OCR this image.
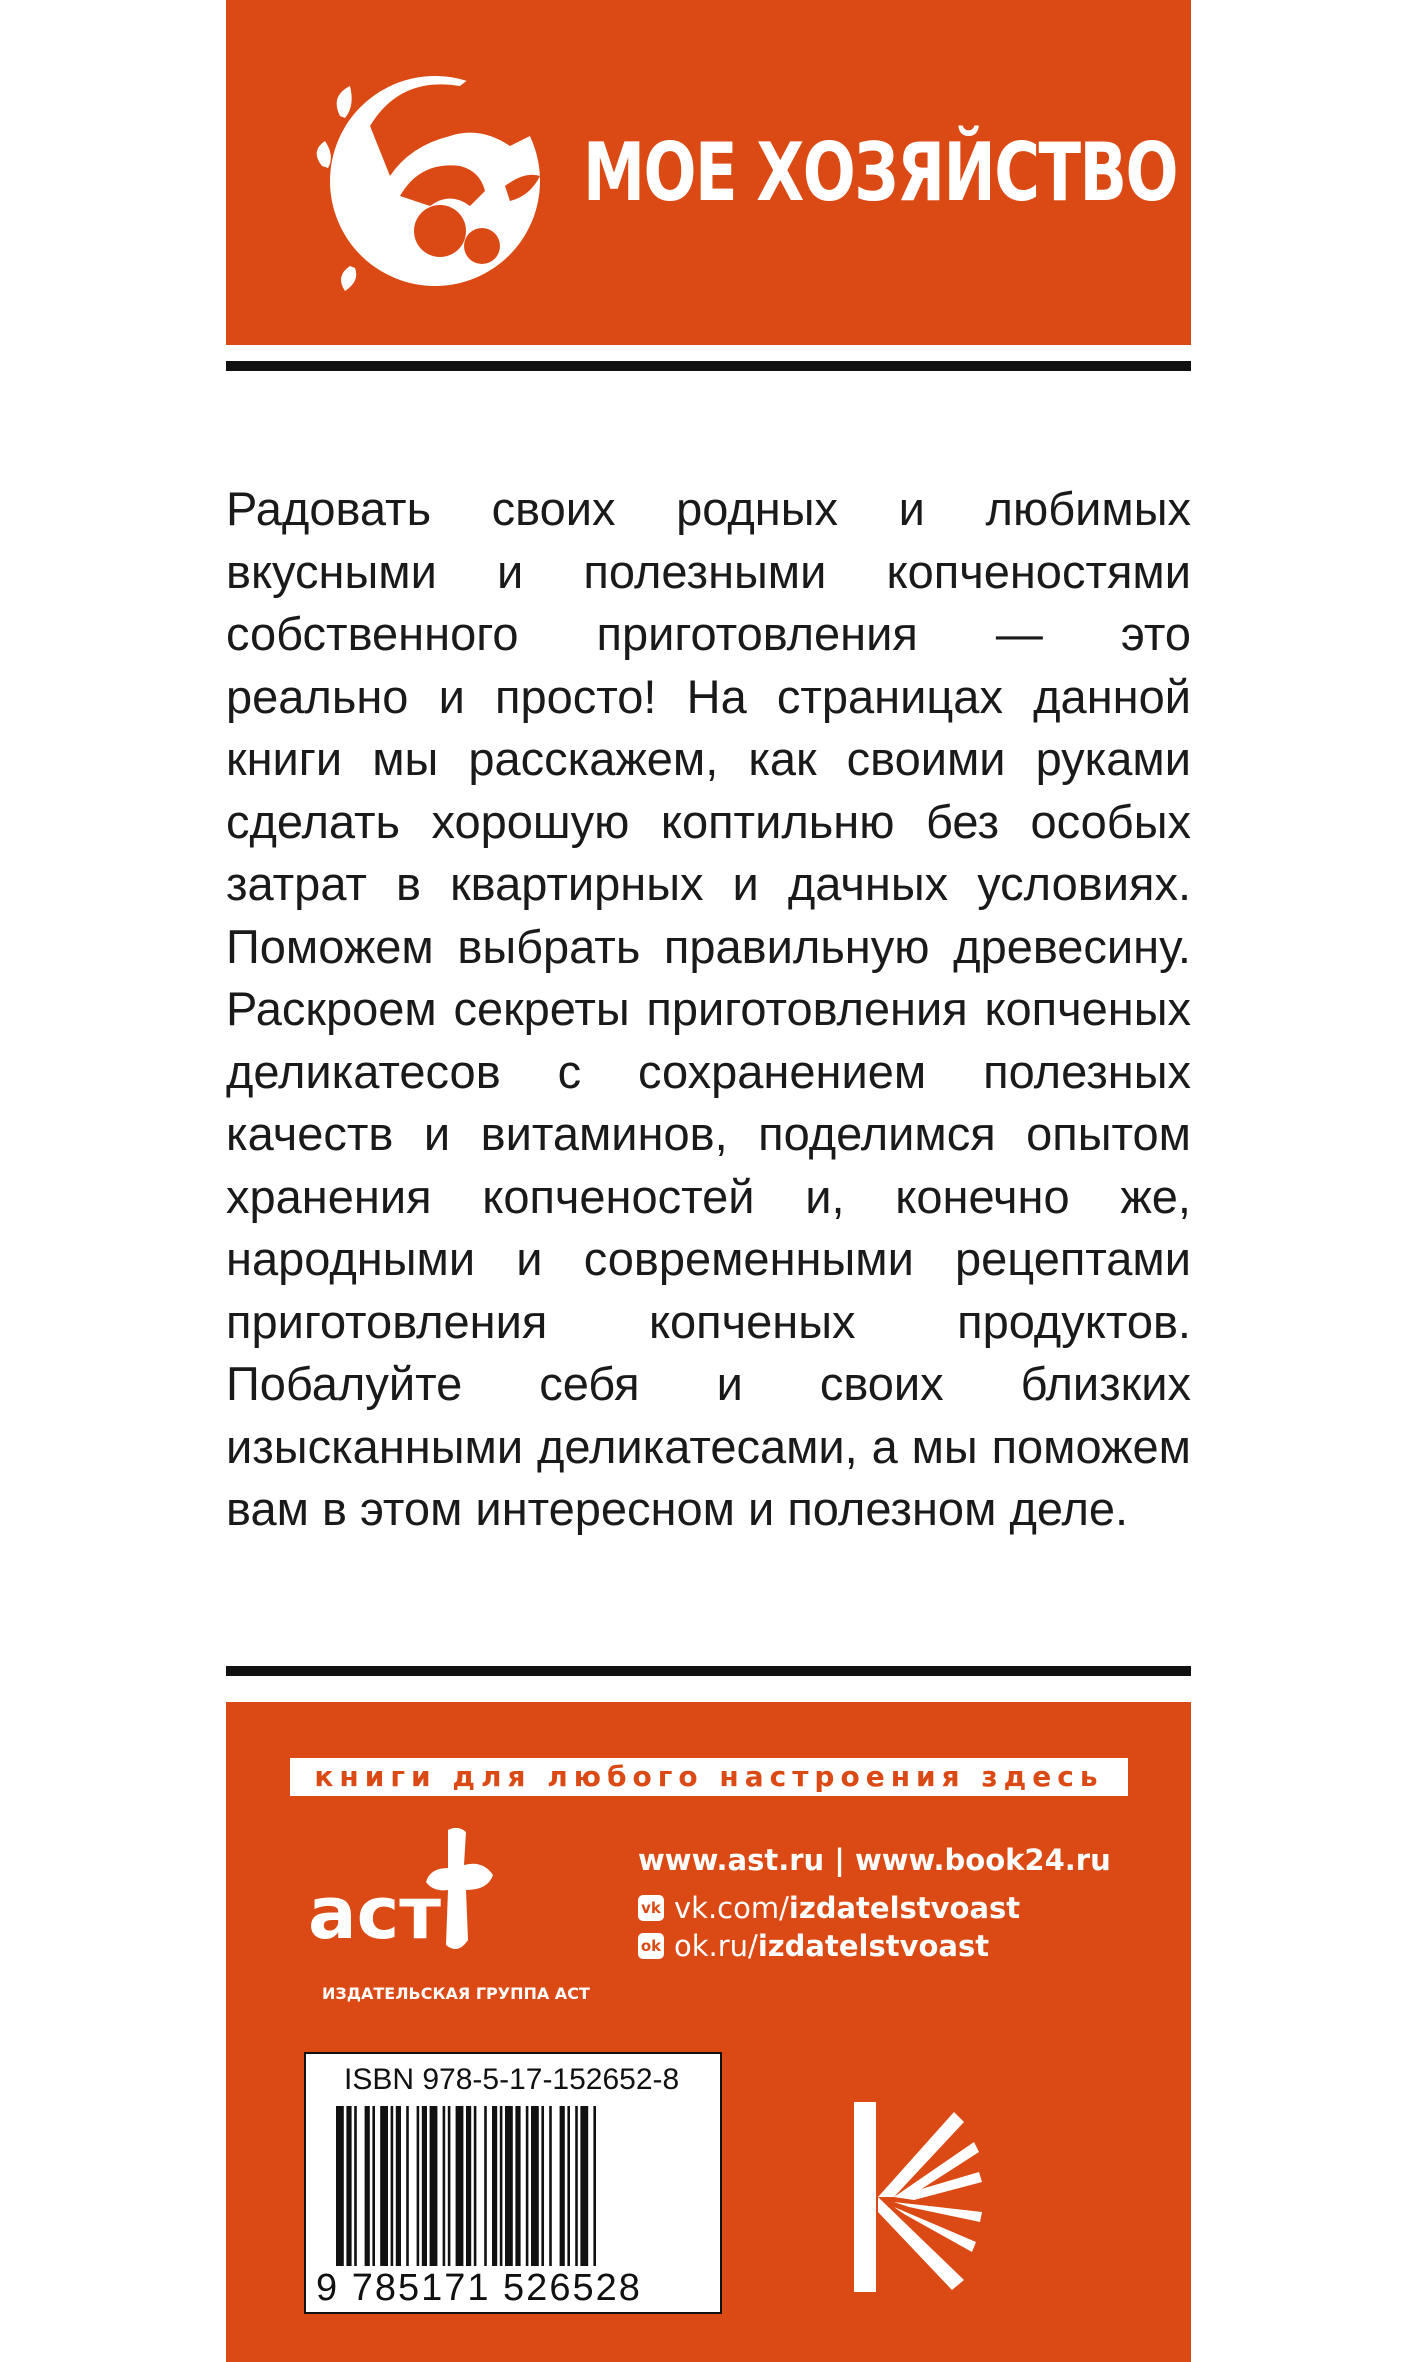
МОЕ ХОЗЯЙСТВО
Радовать своих родных и любимых вкусными и полезными копченостями собственного приготовления — это реально и просто! На страницах данной книги мы расскажем, как своими руками сделать хорошую коптильню без особых затрат в квартирных и дачных условиях. Поможем выбрать правильную древесину. Раскроем секреты приготовления копченых деликатесов с сохранением полезных качеств и витаминов, поделимся опытом хранения копченостей и, конечно же, народными и современными рецептами приготовления копченых продуктов. Побалуйте себя и своих близких изысканными деликатесами, а мы поможем вам в этом интересном и полезном деле.
книги для любого настроения здесь
аст
ИЗДАТЕЛЬСКАЯ ГРУППА АСТ
www.ast.ru | www.book24.ru
vk vk.com/ izdatelstvoast
ok ok.ru/ izdatelstvoast
ISBN 978-5-17-152652-8
9 785171 526528
